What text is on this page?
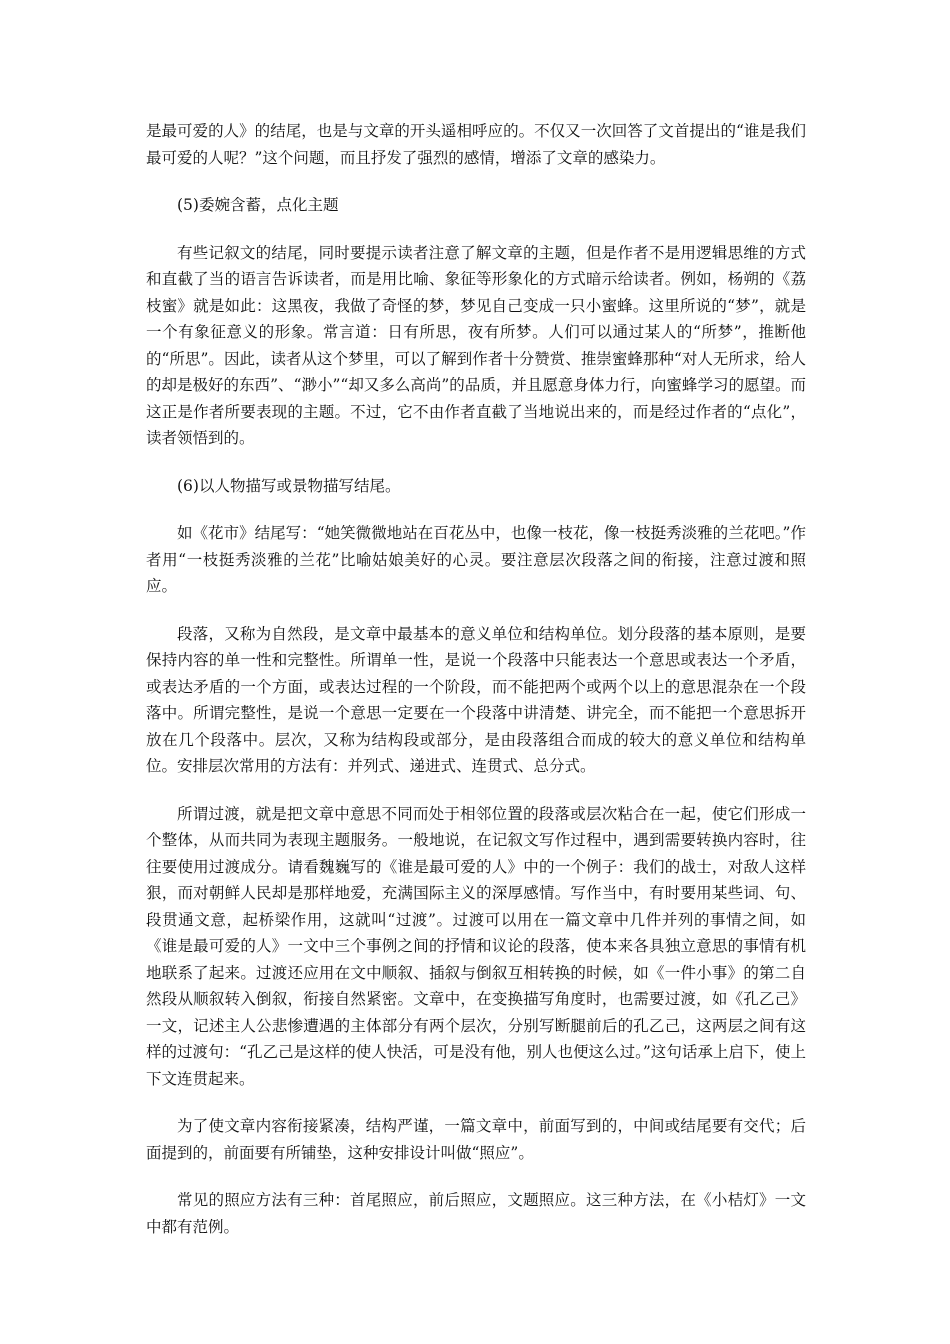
是最可爱的人》的结尾，也是与文章的开头遥相呼应的。不仅又一次回答了文首提出的“谁是我们最可爱的人呢？”这个问题，而且抒发了强烈的感情，增添了文章的感染力。

(5)委婉含蓄，点化主题

有些记叙文的结尾，同时要提示读者注意了解文章的主题，但是作者不是用逻辑思维的方式和直截了当的语言告诉读者，而是用比喻、象征等形象化的方式暗示给读者。例如，杨朔的《荔枝蜜》就是如此：这黑夜，我做了奇怪的梦，梦见自己变成一只小蜜蜂。这里所说的“梦”，就是一个有象征意义的形象。常言道：日有所思，夜有所梦。人们可以通过某人的“所梦”，推断他的“所思”。因此，读者从这个梦里，可以了解到作者十分赞赏、推崇蜜蜂那种“对人无所求，给人的却是极好的东西”、“渺小”“却又多么高尚”的品质，并且愿意身体力行，向蜜蜂学习的愿望。而这正是作者所要表现的主题。不过，它不由作者直截了当地说出来的，而是经过作者的“点化”，读者领悟到的。

(6)以人物描写或景物描写结尾。

如《花市》结尾写：“她笑微微地站在百花丛中，也像一枝花，像一枝挺秀淡雅的兰花吧。”作者用“一枝挺秀淡雅的兰花”比喻姑娘美好的心灵。要注意层次段落之间的衔接，注意过渡和照应。

段落，又称为自然段，是文章中最基本的意义单位和结构单位。划分段落的基本原则，是要保持内容的单一性和完整性。所谓单一性，是说一个段落中只能表达一个意思或表达一个矛盾，或表达矛盾的一个方面，或表达过程的一个阶段，而不能把两个或两个以上的意思混杂在一个段落中。所谓完整性，是说一个意思一定要在一个段落中讲清楚、讲完全，而不能把一个意思拆开放在几个段落中。层次，又称为结构段或部分，是由段落组合而成的较大的意义单位和结构单位。安排层次常用的方法有：并列式、递进式、连贯式、总分式。

所谓过渡，就是把文章中意思不同而处于相邻位置的段落或层次粘合在一起，使它们形成一个整体，从而共同为表现主题服务。一般地说，在记叙文写作过程中，遇到需要转换内容时，往往要使用过渡成分。请看魏巍写的《谁是最可爱的人》中的一个例子：我们的战士，对敌人这样狠，而对朝鲜人民却是那样地爱，充满国际主义的深厚感情。写作当中，有时要用某些词、句、段贯通文意，起桥梁作用，这就叫“过渡”。过渡可以用在一篇文章中几件并列的事情之间，如《谁是最可爱的人》一文中三个事例之间的抒情和议论的段落，使本来各具独立意思的事情有机地联系了起来。过渡还应用在文中顺叙、插叙与倒叙互相转换的时候，如《一件小事》的第二自然段从顺叙转入倒叙，衔接自然紧密。文章中，在变换描写角度时，也需要过渡，如《孔乙己》一文，记述主人公悲惨遭遇的主体部分有两个层次，分别写断腿前后的孔乙己，这两层之间有这样的过渡句：“孔乙己是这样的使人快活，可是没有他，别人也便这么过。”这句话承上启下，使上下文连贯起来。

为了使文章内容衔接紧凑，结构严谨，一篇文章中，前面写到的，中间或结尾要有交代；后面提到的，前面要有所铺垫，这种安排设计叫做“照应”。

常见的照应方法有三种：首尾照应，前后照应，文题照应。这三种方法，在《小桔灯》一文中都有范例。
